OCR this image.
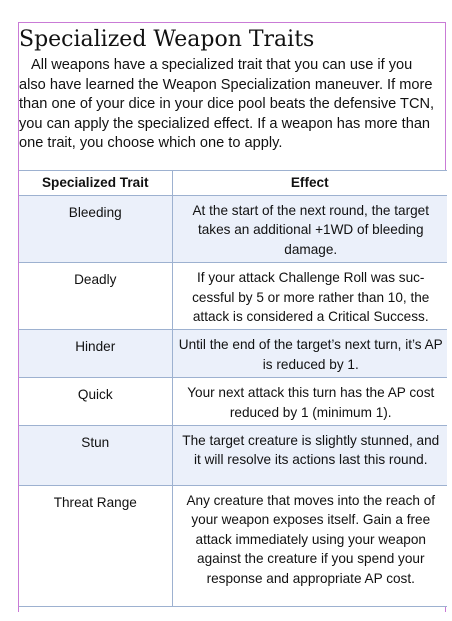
Specialized Weapon Traits

All weapons have a specialized trait that you can use if you also have learned the Weapon Specialization maneuver. If more than one of your dice in your dice pool beats the defensive TCN, you can apply the specialized effect. If a weapon has more than one trait, you choose which one to apply.

Specialized Trait	Effect
Bleeding	At the start of the next round, the target takes an additional +1WD of bleeding damage.
Deadly	If your attack Challenge Roll was suc-cessful by 5 or more rather than 10, the attack is considered a Critical Success.
Hinder	Until the end of the target’s next turn, it’s AP is reduced by 1.
Quick	Your next attack this turn has the AP cost reduced by 1 (minimum 1).
Stun	The target creature is slightly stunned, and it will resolve its actions last this round.
Threat Range	Any creature that moves into the reach of your weapon exposes itself. Gain a free attack immediately using your weapon against the creature if you spend your response and appropriate AP cost.
